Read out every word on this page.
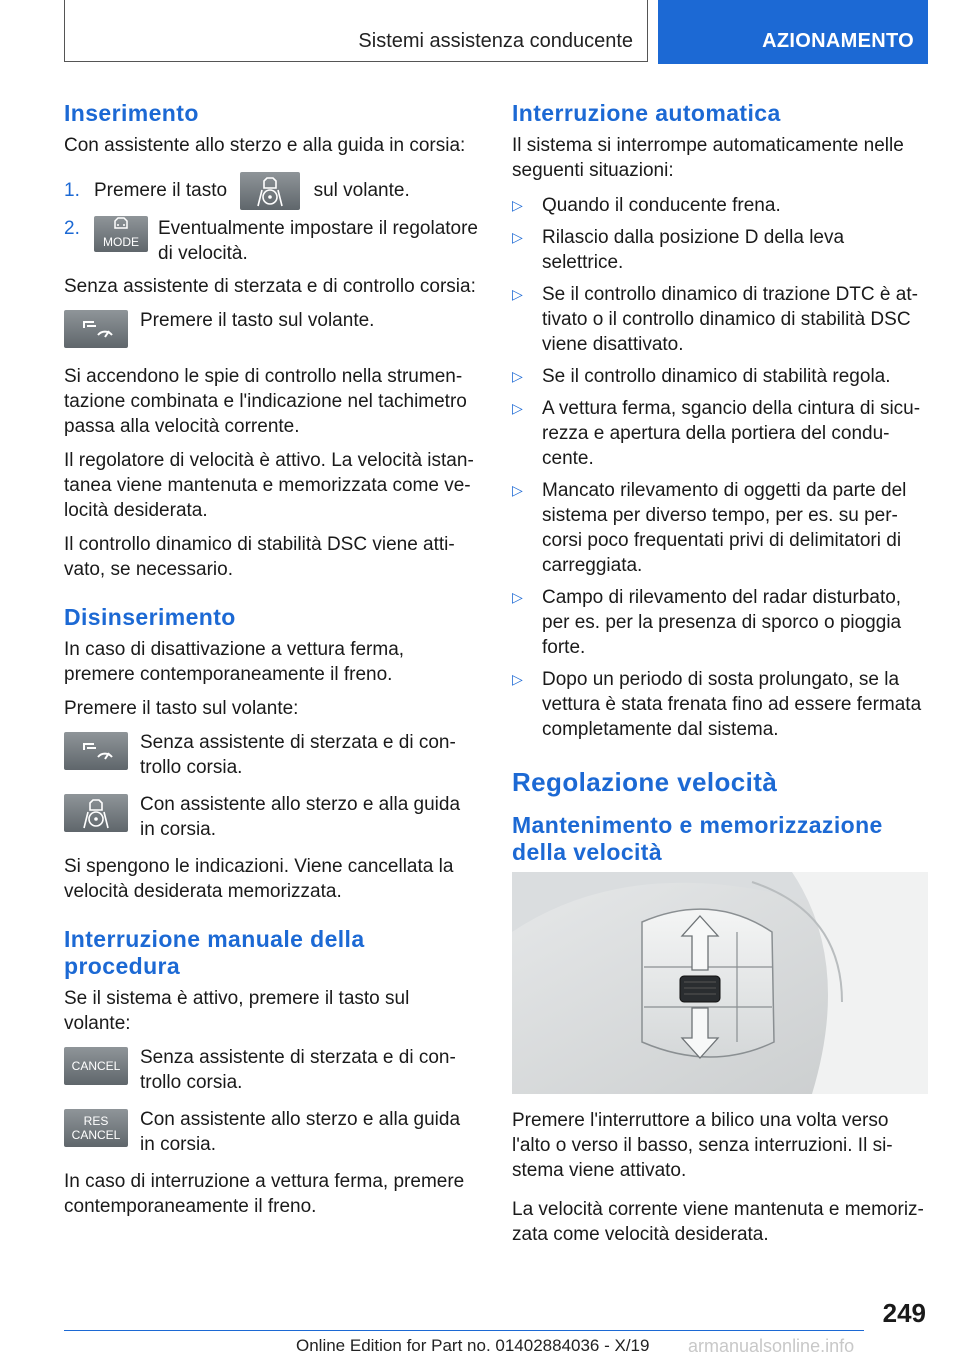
Sistemi assistenza conducente	AZIONAMENTO
Inserimento

Con assistente allo sterzo e alla guida in corsia:

1. Premere il tasto	sul volante.
2.
MODE
Eventualmente impostare il regolatore di velocità.

Senza assistente di sterzata e di controllo corsia:

Premere il tasto sul volante.

Si accendono le spie di controllo nella strumentazione combinata e l'indicazione nel tachimetro passa alla velocità corrente.

Il regolatore di velocità è attivo. La velocità istantanea viene mantenuta e memorizzata come velocità desiderata.

Il controllo dinamico di stabilità DSC viene attivato, se necessario.

Disinserimento

In caso di disattivazione a vettura ferma, premere contemporaneamente il freno.

Premere il tasto sul volante:

Senza assistente di sterzata e di controllo corsia.
Con assistente allo sterzo e alla guida in corsia.

Si spengono le indicazioni. Viene cancellata la velocità desiderata memorizzata.

Interruzione manuale della procedura

Se il sistema è attivo, premere il tasto sul volante:

CANCEL	Senza assistente di sterzata e di controllo corsia.
RES
CANCEL
Con assistente allo sterzo e alla guida in corsia.

In caso di interruzione a vettura ferma, premere contemporaneamente il freno.

Interruzione automatica

Il sistema si interrompe automaticamente nelle seguenti situazioni:

▷ Quando il conducente frena.
▷ Rilascio dalla posizione D della leva selettrice.
▷ Se il controllo dinamico di trazione DTC è attivato o il controllo dinamico di stabilità DSC viene disattivato.
▷ Se il controllo dinamico di stabilità regola.
▷ A vettura ferma, sgancio della cintura di sicurezza e apertura della portiera del conducente.
▷ Mancato rilevamento di oggetti da parte del sistema per diverso tempo, per es. su percorsi poco frequentati privi di delimitatori di carreggiata.
▷ Campo di rilevamento del radar disturbato, per es. per la presenza di sporco o pioggia forte.
▷ Dopo un periodo di sosta prolungato, se la vettura è stata frenata fino ad essere fermata completamente dal sistema.
Regolazione velocità
Mantenimento e memorizzazione della velocità

Premere l'interruttore a bilico una volta verso l'alto o verso il basso, senza interruzioni. Il sistema viene attivato.

La velocità corrente viene mantenuta e memorizzata come velocità desiderata.

249
Online Edition for Part no. 01402884036 - X/19 armanualsonline.info
